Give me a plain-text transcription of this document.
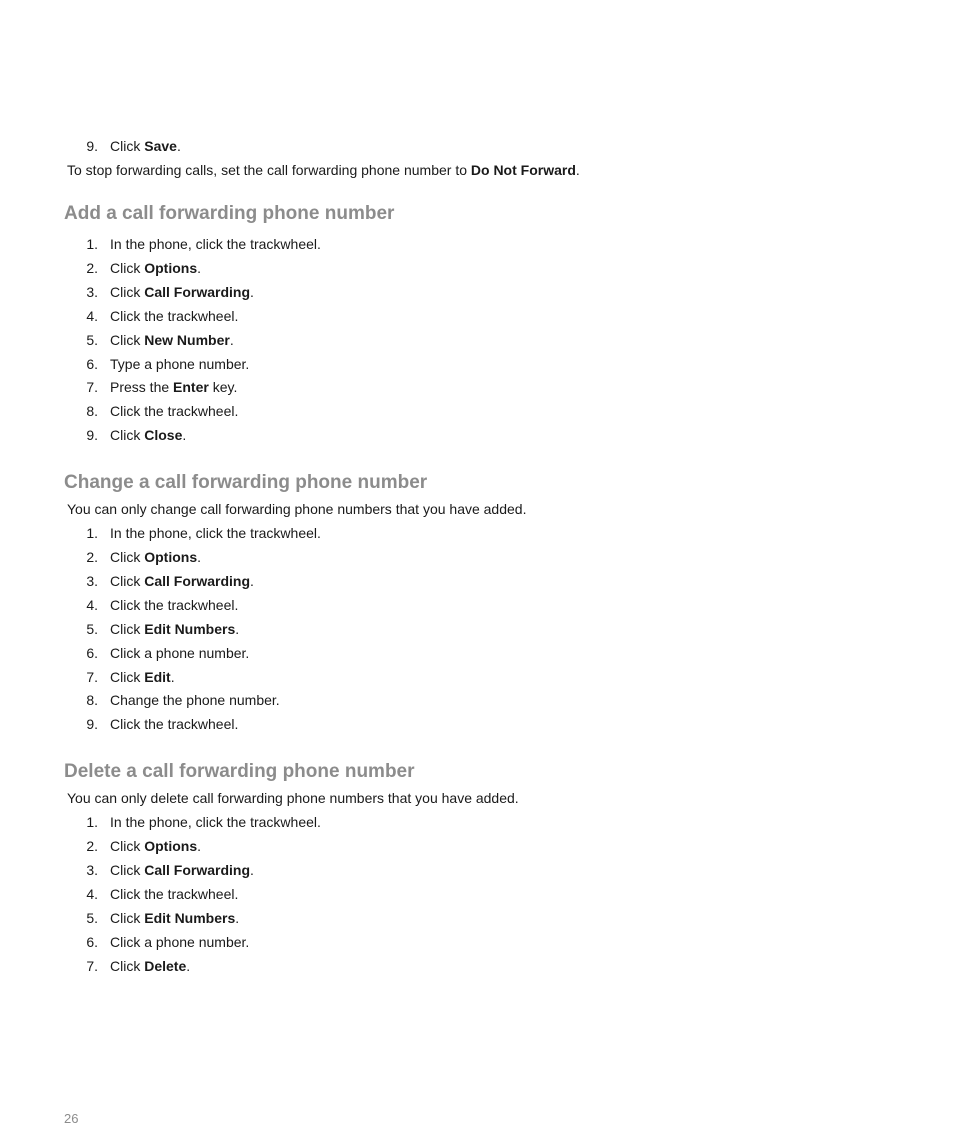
9. Click Save.
To stop forwarding calls, set the call forwarding phone number to Do Not Forward.
Add a call forwarding phone number
1. In the phone, click the trackwheel.
2. Click Options.
3. Click Call Forwarding.
4. Click the trackwheel.
5. Click New Number.
6. Type a phone number.
7. Press the Enter key.
8. Click the trackwheel.
9. Click Close.
Change a call forwarding phone number
You can only change call forwarding phone numbers that you have added.
1. In the phone, click the trackwheel.
2. Click Options.
3. Click Call Forwarding.
4. Click the trackwheel.
5. Click Edit Numbers.
6. Click a phone number.
7. Click Edit.
8. Change the phone number.
9. Click the trackwheel.
Delete a call forwarding phone number
You can only delete call forwarding phone numbers that you have added.
1. In the phone, click the trackwheel.
2. Click Options.
3. Click Call Forwarding.
4. Click the trackwheel.
5. Click Edit Numbers.
6. Click a phone number.
7. Click Delete.
26
